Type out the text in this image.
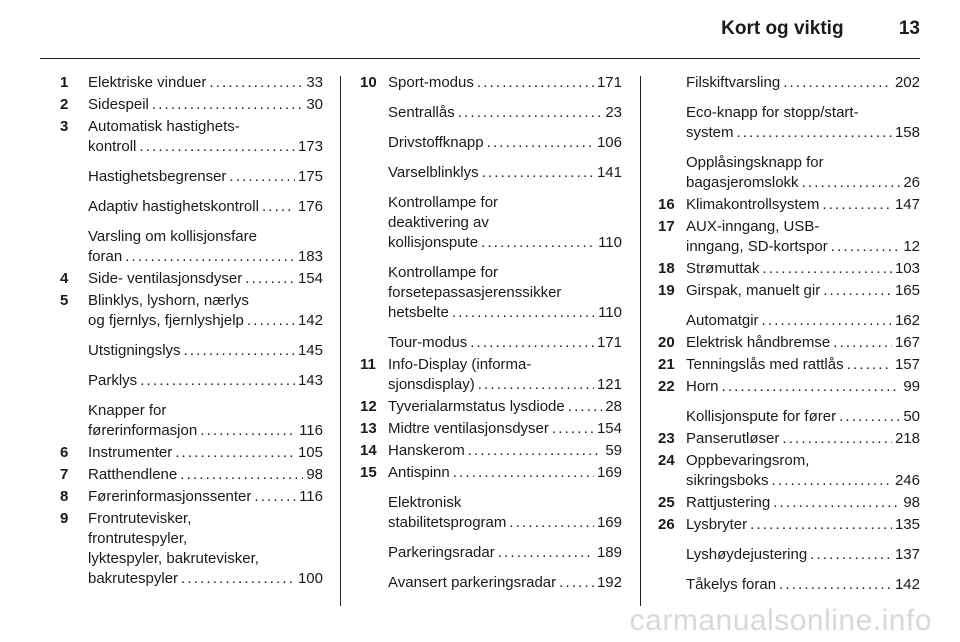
Kort og viktig	13
1 Elektriske vinduer . . .	33
2 Sidespeil . . .	30
3 Automatisk hastighets-
kontroll . . .	173
Hastighetsbegrenser . . .	175
Adaptiv hastighetskontroll . . .	176
Varsling om kollisjonsfare
foran . . .	183
4 Side- ventilasjonsdyser . . .	154
5 Blinklys, lyshorn, nærlys
og fjernlys, fjernlyshjelp . . .	142
Utstigningslys . . .	145
Parklys . . .	143
Knapper for
førerinformasjon . . .	116
6 Instrumenter . . .	105
7 Ratthendlene . . .	98
8 Førerinformasjonssenter . . .	116
9 Frontrutevisker,
frontrutespyler,
lyktespyler, bakrutevisker,
bakrutespyler . . .	100
10 Sport-modus . . .	171
Sentrallås . . .	23
Drivstoffknapp . . .	106
Varselblinklys . . .	141
Kontrollampe for
deaktivering av
kollisjonspute . . .	110
Kontrollampe for
forsetepassasjerenssikker
hetsbelte . . .	110
Tour-modus . . .	171
11 Info-Display (informa-
sjonsdisplay) . . .	121
12 Tyverialarmstatus lysdiode . . .	28
13 Midtre ventilasjonsdyser . . .	154
14 Hanskerom . . .	59
15 Antispinn . . .	169
Elektronisk
stabilitetsprogram . . .	169
Parkeringsradar . . .	189
Avansert parkeringsradar . . .	192
Filskiftvarsling . . .	202
Eco-knapp for stopp/start-
system . . .	158
Opplåsingsknapp for
bagasjeromslokk . . .	26
16 Klimakontrollsystem . . .	147
17 AUX-inngang, USB-
inngang, SD-kortspor . . .	12
18 Strømuttak . . .	103
19 Girspak, manuelt gir . . .	165
Automatgir . . .	162
20 Elektrisk håndbremse . . .	167
21 Tenningslås med rattlås . . .	157
22 Horn . . .	99
Kollisjonspute for fører . . .	50
23 Panserutløser . . .	218
24 Oppbevaringsrom,
sikringsboks . . .	246
25 Rattjustering . . .	98
26 Lysbryter . . .	135
Lyshøydejustering . . .	137
Tåkelys foran . . .	142
carmanualsonline.info
